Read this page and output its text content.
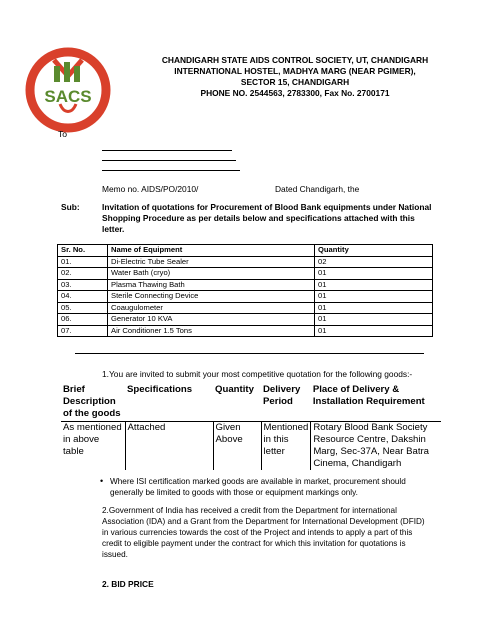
SACS
CHANDIGARH STATE AIDS CONTROL SOCIETY, UT, CHANDIGARH
INTERNATIONAL HOSTEL, MADHYA MARG (NEAR PGIMER),
SECTOR 15, CHANDIGARH
PHONE NO. 2544563, 2783300, Fax No. 2700171
To
Memo no. AIDS/PO/2010/	Dated Chandigarh, the
Sub:	Invitation of quotations for Procurement of Blood Bank equipments under National Shopping Procedure as per details below and specifications attached with this letter.
Sr. No.	Name of Equipment	Quantity
01.	Di-Electric Tube Sealer	02
02.	Water Bath (cryo)	01
03.	Plasma Thawing Bath	01
04.	Sterile Connecting Device	01
05.	Coaugulometer	01
06.	Generator 10 KVA	01
07.	Air Conditioner 1.5 Tons	01
1.You are invited to submit your most competitive quotation for the following goods:-
Brief Description of the goods	Specifications	Quantity	Delivery Period	Place of Delivery & Installation Requirement
As mentioned in above table	Attached	Given Above	Mentioned in this letter	Rotary Blood Bank Society Resource Centre, Dakshin Marg, Sec-37A, Near Batra Cinema, Chandigarh
• Where ISI certification marked goods are available in market, procurement should generally be limited to goods with those or equipment markings only.
2.Government of India has received a credit from the Department for international Association (IDA) and a Grant from the Department for International Development (DFID) in various currencies towards the cost of the Project and intends to apply a part of this credit to eligible payment under the contract for which this invitation for quotations is issued.
2. BID PRICE
